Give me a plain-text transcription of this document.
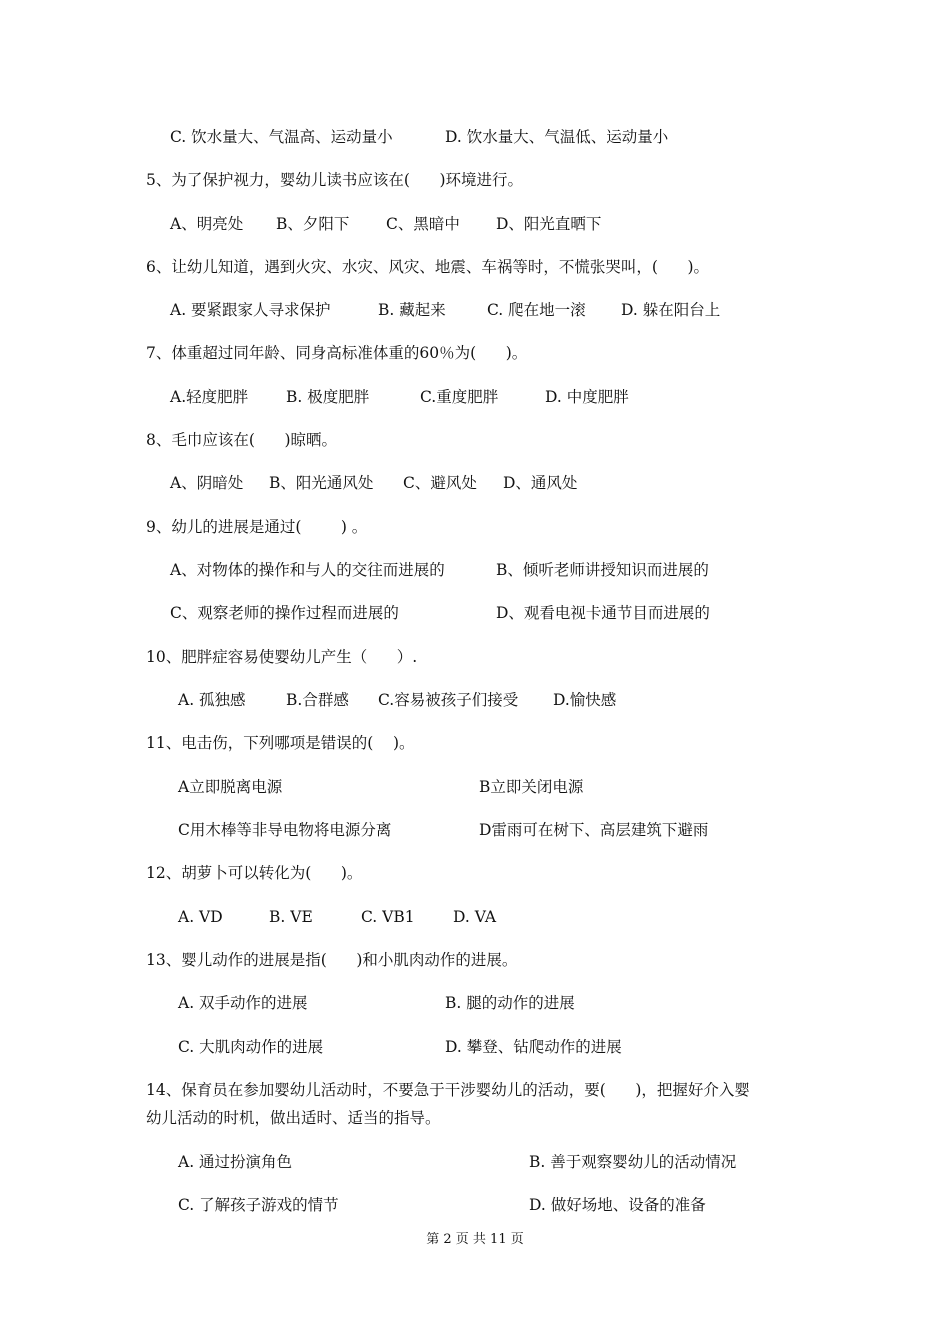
C. 饮水量大、气温高、运动量小	D. 饮水量大、气温低、运动量小
5、为了保护视力，婴幼儿读书应该在(      )环境进行。
A、明亮处 B、夕阳下 C、黑暗中 D、阳光直晒下
6、让幼儿知道，遇到火灾、水灾、风灾、地震、车祸等时，不慌张哭叫，(      )。
A. 要紧跟家人寻求保护	B. 藏起来	C. 爬在地一滚 D. 躲在阳台上
7、体重超过同年龄、同身高标准体重的60％为(      )。
A.轻度肥胖 B. 极度肥胖	C.重度肥胖	D. 中度肥胖
8、毛巾应该在(      )晾晒。
A、阴暗处 B、阳光通风处 C、避风处 D、通风处
9、幼儿的进展是通过(        ) 。
A、对物体的操作和与人的交往而进展的	B、倾听老师讲授知识而进展的
C、观察老师的操作过程而进展的	D、观看电视卡通节目而进展的
10、肥胖症容易使婴幼儿产生（      ）.
A. 孤独感	B.合群感 C.容易被孩子们接受 D.愉快感
11、电击伤，下列哪项是错误的(    )。
A立即脱离电源	B立即关闭电源
C用木棒等非导电物将电源分离	D雷雨可在树下、高层建筑下避雨
12、胡萝卜可以转化为(      )。
A. VD	B. VE	C. VB1 D. VA
13、婴儿动作的进展是指(      )和小肌肉动作的进展。
A. 双手动作的进展	B. 腿的动作的进展
C. 大肌肉动作的进展	D. 攀登、钻爬动作的进展
14、保育员在参加婴幼儿活动时，不要急于干涉婴幼儿的活动，要(      )，把握好介入婴
幼儿活动的时机，做出适时、适当的指导。
A. 通过扮演角色	B. 善于观察婴幼儿的活动情况
C. 了解孩子游戏的情节	D. 做好场地、设备的准备
第 2 页 共 11 页
